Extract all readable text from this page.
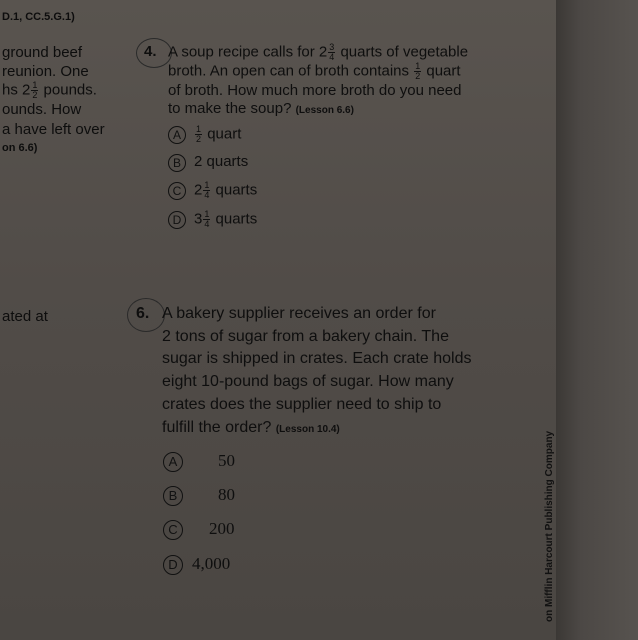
D.1, CC.5.G.1)
ground beef
reunion. One
hs $2 \frac{1}{2}$ pounds.
ounds. How
a have left over
on 6.6)
ated at
4. A soup recipe calls for $2 \frac{3}{4}$ quarts of vegetable
broth. An open can of broth contains $\frac{1}{2}$ quart
of broth. How much more broth do you need
to make the soup? (Lesson 6.6)
A	$\frac{1}{2}$ quart
B 2 quarts
C $2 \frac{1}{4}$ quarts
D $3 \frac{1}{4}$ quarts
6. A bakery supplier receives an order for
2 tons of sugar from a bakery chain. The
sugar is shipped in crates. Each crate holds
eight 10-pound bags of sugar. How many
crates does the supplier need to ship to
fulfill the order? (Lesson 10.4)
A	50
B	80
C	200
D 4,000	on Mifflin Harcourt Publishing Company
